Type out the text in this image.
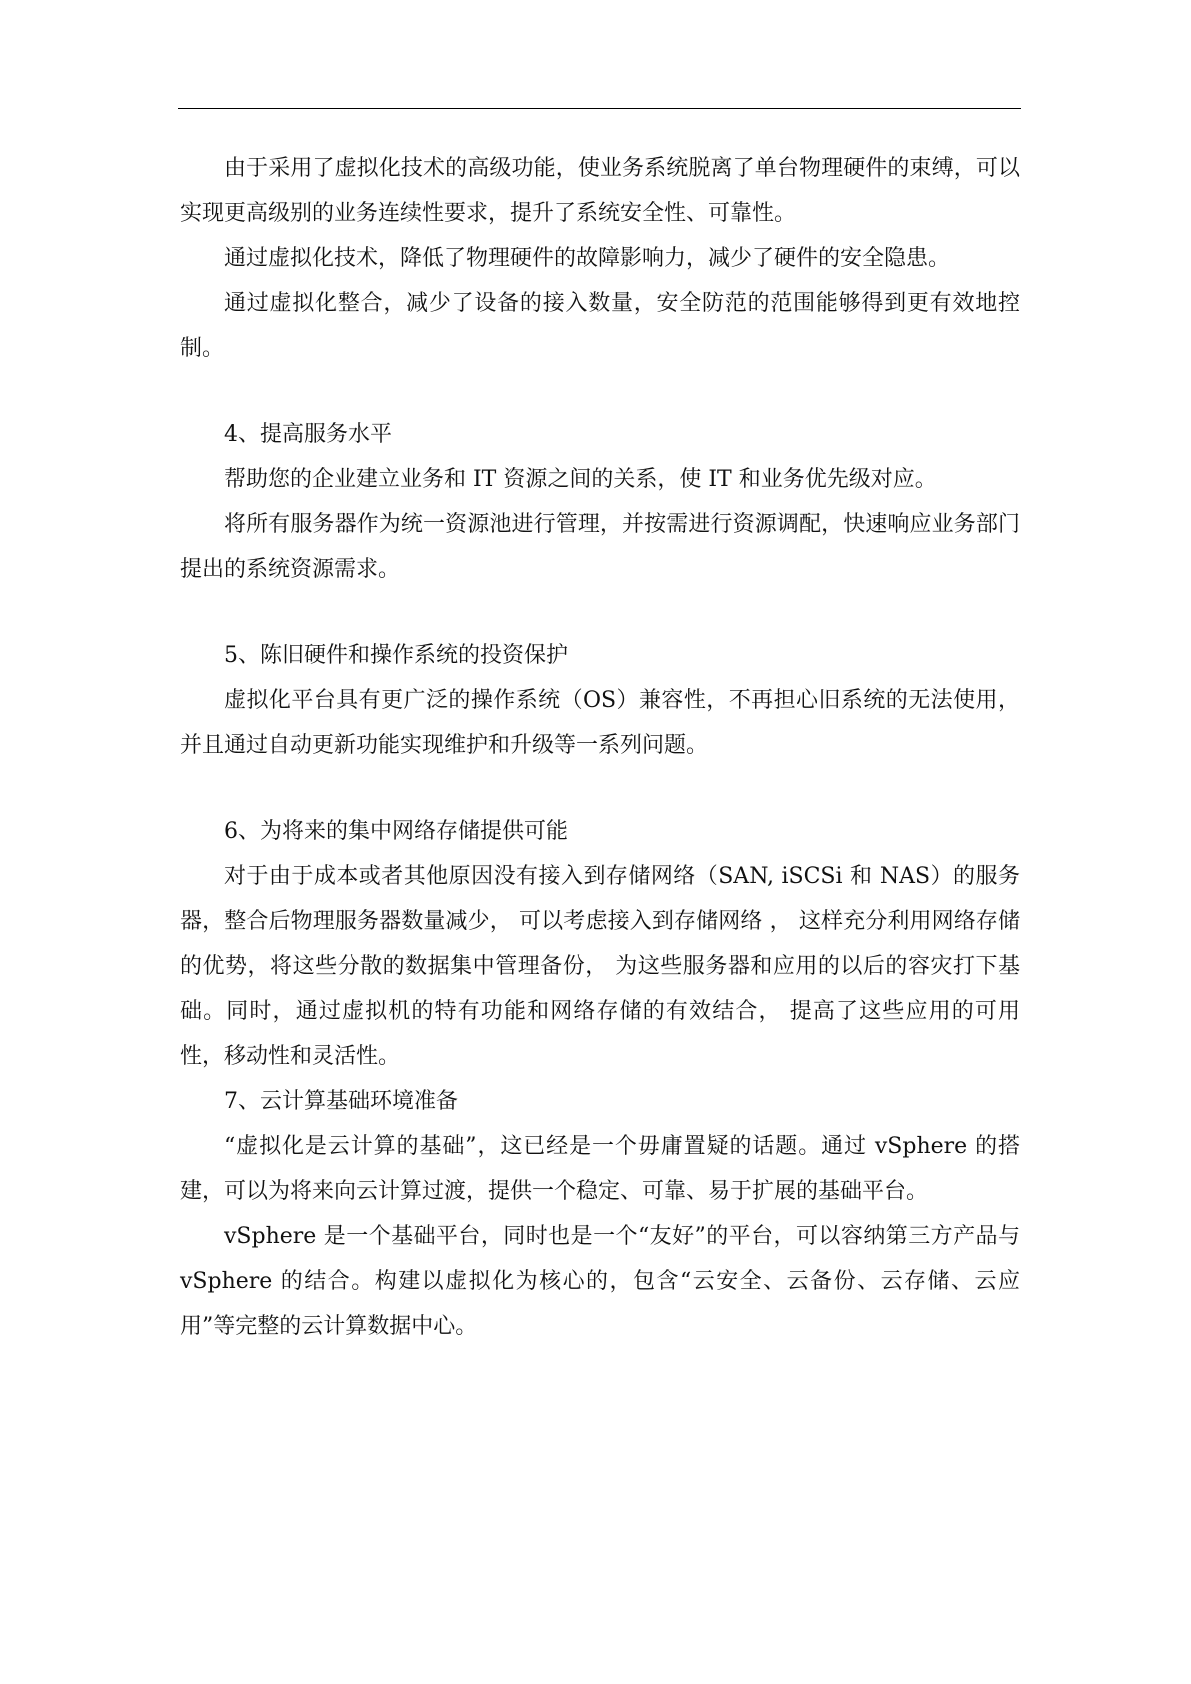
由于采用了虚拟化技术的高级功能，使业务系统脱离了单台物理硬件的束缚，可以实现更高级别的业务连续性要求，提升了系统安全性、可靠性。

通过虚拟化技术，降低了物理硬件的故障影响力，减少了硬件的安全隐患。

通过虚拟化整合，减少了设备的接入数量，安全防范的范围能够得到更有效地控制。

4、提高服务水平

帮助您的企业建立业务和 IT 资源之间的关系，使 IT 和业务优先级对应。

将所有服务器作为统一资源池进行管理，并按需进行资源调配，快速响应业务部门提出的系统资源需求。

5、陈旧硬件和操作系统的投资保护

虚拟化平台具有更广泛的操作系统（OS）兼容性，不再担心旧系统的无法使用，并且通过自动更新功能实现维护和升级等一系列问题。

6、为将来的集中网络存储提供可能

对于由于成本或者其他原因没有接入到存储网络（SAN, iSCSi 和 NAS）的服务器，整合后物理服务器数量减少， 可以考虑接入到存储网络 ， 这样充分利用网络存储的优势，将这些分散的数据集中管理备份， 为这些服务器和应用的以后的容灾打下基础。同时，通过虚拟机的特有功能和网络存储的有效结合， 提高了这些应用的可用性，移动性和灵活性。

7、云计算基础环境准备

“虚拟化是云计算的基础”，这已经是一个毋庸置疑的话题。通过 vSphere 的搭建，可以为将来向云计算过渡，提供一个稳定、可靠、易于扩展的基础平台。

vSphere 是一个基础平台，同时也是一个“友好”的平台，可以容纳第三方产品与 vSphere 的结合。构建以虚拟化为核心的，包含“云安全、云备份、云存储、云应用”等完整的云计算数据中心。
